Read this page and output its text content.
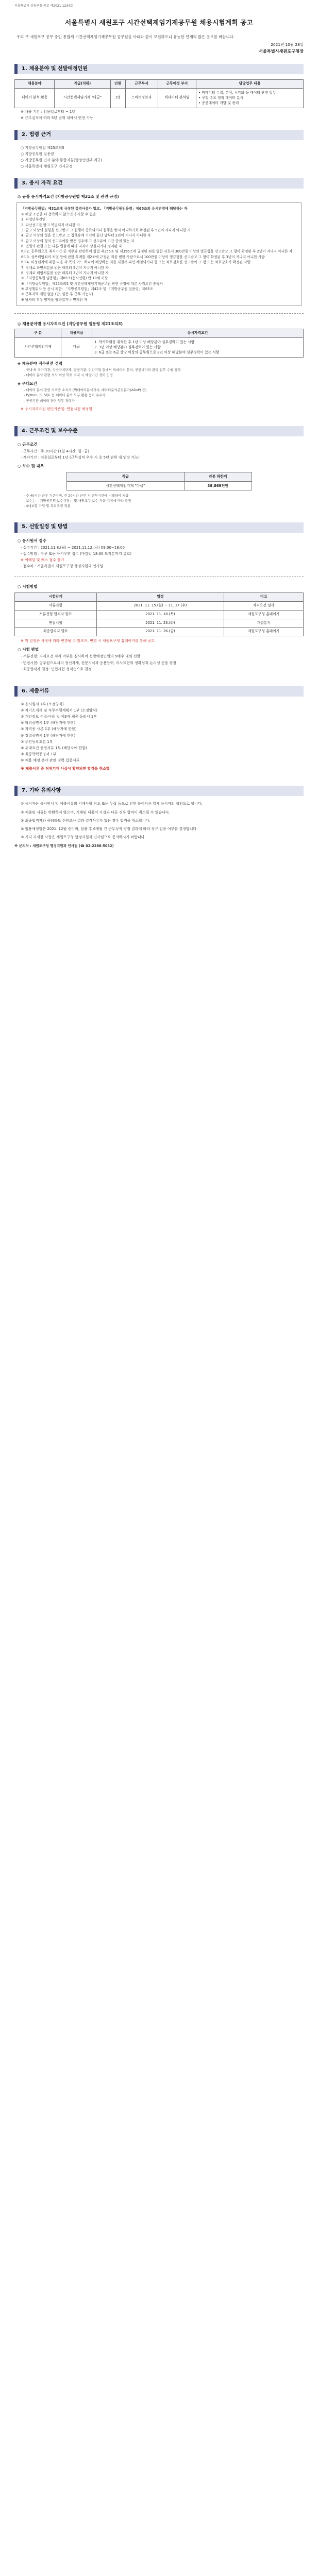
서울특별시 성동구청 공고 제2021-1234호
서울특별시 새원포구 시간선택제임기제공무원 채용시험계획 공고
우리 구 새원포구 공무 중인 통합세 기간선택제임기제공무원 공무원을 아래와 같이 모집하오니 유능한 인재의 많은 응모를 바랍니다.
2021년 10월 28일
서울특별시새원포구청장
1. 채용분야 및 선발예정인원
채용분야	직급(직위)	인원	근무부서	근무예정 부서	담당업무 내용
데이터 분석·활용	시간선택제임기제 "다급"	1명	스마트정보과	빅데이터 분석팀	• 빅데이터 수집, 분석, 시각화 등 데이터 관련 업무
• 구정 주요 정책 데이터 분석
• 공공데이터 개방 및 관리
※ 채용 기간 : 임용일로부터 ~ 1년
※ 근무실적에 따라 5년 범위 내에서 연장 가능
2. 법령 근거
○ 지방공무원법 제25조의5
○ 지방공무원 임용령
○ 지방공무원 인사 분야 통합지침(행정안전부 예규)
○ 서울특별시 새원포구 인사규정
3. 응시 자격 요건
◎ 공통 응시자격요건 (지방공무원법 제31조 및 관련 규정)
「지방공무원법」제31조에 규정된 결격사유가 없고, 「지방공무원임용령」제65조의 응시연령에 해당하는 자
※ 해당 조건을 다 충족하지 않으면 응시할 수 없음
1. 피성년후견인
2. 파산선고를 받고 복권되지 아니한 자
3. 금고 이상의 실형을 선고받고 그 집행이 종료되거나 집행을 받지 아니하기로 확정된 후 5년이 지나지 아니한 자
4. 금고 이상의 형을 선고받고 그 집행유예 기간이 끝난 날부터 2년이 지나지 아니한 자
5. 금고 이상의 형의 선고유예를 받은 경우에 그 선고유예 기간 중에 있는 자
6. 법원의 판결 또는 다른 법률에 따라 자격이 상실되거나 정지된 자
6의2. 공무원으로 재직기간 중 직무와 관련하여 형법 제355조 및 제356조에 규정된 죄를 범한 자로서 300만원 이상의 벌금형을 선고받고 그 형이 확정된 후 2년이 지나지 아니한 자
6의3. 성폭력범죄의 처벌 등에 관한 특례법 제2조에 규정된 죄를 범한 사람으로서 100만원 이상의 벌금형을 선고받고 그 형이 확정된 후 3년이 지나지 아니한 사람
6의4. 미성년자에 대한 다음 각 목의 어느 하나에 해당하는 죄를 저질러 파면·해임되거나 형 또는 치료감호를 선고받아 그 형 또는 치료감호가 확정된 사람
7. 징계로 파면처분을 받은 때부터 5년이 지나지 아니한 자
8. 징계로 해임처분을 받은 때부터 3년이 지나지 아니한 자
※ 「지방공무원 임용령」제65조(응시연령) 만 18세 이상
※ 「지방공무원법」제25조의5 및 시간선택제임기제공무원 관련 규정에 따른 자격요건 충족자
※ 부정행위자 등 응시 제한: 「지방공무원법」제42조 및 「지방공무원 임용령」제65조
※ 근무지역 제한 없음 (단, 임용 후 근무 가능자)
※ 남자의 경우 병역을 필하였거나 면제된 자
◎ 채용분야별 응시자격요건 (지방공무원 임용령 제21조의3)
구 분	채용직급	응시자격요건
시간선택제임기제	다급	1. 학사학위를 취득한 후 1년 이상 해당분야 실무경력이 있는 사람
2. 3년 이상 해당분야 실무경력이 있는 사람
3. 6급 또는 6급 상당 이상의 공무원으로 2년 이상 해당분야 실무경력이 있는 사람
◈ 채용분야 직무관련 경력
- 국내·외 국가기관, 지방자치단체, 공공기관, 민간기업 등에서 빅데이터 분석, 공공데이터 관리 업무 수행 경력
- 데이터 분석 관련 석사 이상 학위 소지 시 해당기간 경력 인정
◈ 우대요건
- 데이터 분석 관련 자격증 소지자 (빅데이터분석기사, 데이터분석준전문가(ADsP) 등)
- Python, R, SQL 등 데이터 분석 도구 활용 능력 우수자
- 공공기관 데이터 관련 업무 경력자
※ 응시자격요건 판단기준일: 면접시험 예정일
4. 근무조건 및 보수수준
○ 근무조건
- 근무시간 : 주 20시간 (1일 4시간, 월~금)
- 계약기간 : 임용일로부터 1년 (근무실적 우수 시 총 5년 범위 내 연장 가능)
○ 보수 및 대우
직급	연봉 하한액
시간선택제임기제 "다급"	38,869천원
- 주 40시간 근무 기준이며, 주 20시간 근무 시 근무시간에 비례하여 지급
- 보수는 「지방공무원 보수규정」 및 새원포구 보수 지급 지침에 따라 결정
- 4대보험 가입 및 복리후생 적용
5. 선발일정 및 방법
○ 응시원서 접수
- 접수기간 : 2021.11.8.(월) ~ 2021.11.12.(금) 09:00~18:00
- 접수방법 : 방문 또는 등기우편 접수 (마감일 18:00 도착분까지 유효)
※ 이메일 및 팩스 접수 불가
- 접수처 : 서울특별시 새원포구청 행정지원과 인사팀
○ 시험방법
시험단계	일정	비고
서류전형	2021. 11. 15.(월) ~ 11. 17.(수)	자격요건 심사
서류전형 합격자 발표	2021. 11. 18.(목)	새원포구청 홈페이지
면접시험	2021. 11. 23.(화)	개별통지
최종합격자 발표	2021. 11. 26.(금)	새원포구청 홈페이지
※ 위 일정은 사정에 따라 변경될 수 있으며, 변경 시 새원포구청 홈페이지를 통해 공고
○ 시험 방법
- 서류전형: 자격요건 적격 여부를 심사하여 선발예정인원의 5배수 내외 선발
- 면접시험: 공무원으로서의 정신자세, 전문지식과 응용능력, 의사표현의 정확성과 논리성 등을 평정
- 최종합격자 결정: 면접시험 성적순으로 결정
6. 제출서류
① 응시원서 1부 (소정양식)
② 자기소개서 및 직무수행계획서 1부 (소정양식)
③ 개인정보 수집·이용 및 제3자 제공 동의서 1부
④ 학위증명서 1부 (해당자에 한함)
⑤ 자격증 사본 1부 (해당자에 한함)
⑥ 경력증명서 1부 (해당자에 한함)
⑦ 주민등록초본 1부
⑧ 우대요건 증빙서류 1부 (해당자에 한함)
⑨ 최종학력증명서 1부
⑩ 채용 예정 분야 관련 경력 입증서류
※ 제출서류 중 허위기재 사실이 확인되면 합격을 취소함
7. 기타 유의사항
① 응시자는 응시원서 및 제출서류의 기재사항 착오 또는 누락 등으로 인한 불이익은 일체 응시자의 책임으로 합니다.
② 제출된 서류는 반환하지 않으며, 기재된 내용이 사실과 다른 경우 합격이 취소될 수 있습니다.
③ 최종합격자라 하더라도 신원조사 결과 결격사유가 있는 경우 합격을 취소합니다.
④ 임용예정일은 2021. 12월 중이며, 임용 후 6개월 간 근무성적 평정 결과에 따라 정규 임용 여부를 결정합니다.
⑤ 기타 자세한 사항은 새원포구청 행정지원과 인사팀으로 문의하시기 바랍니다.
※ 문의처 : 새원포구청 행정지원과 인사팀 (☎ 02-2286-5032)
